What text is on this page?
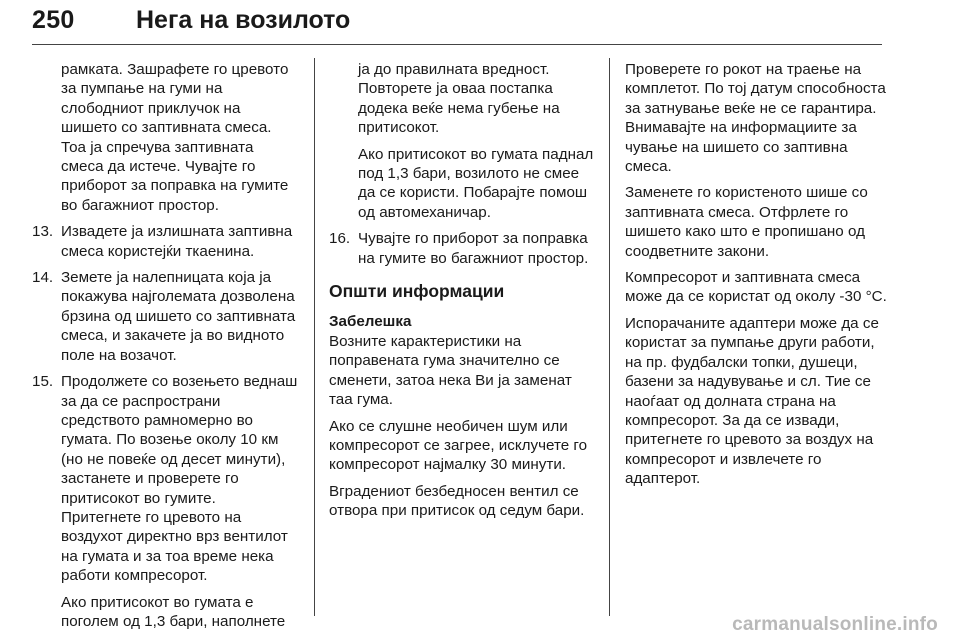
250 Нега на возилото

рамката. Зашрафете го цревото за пумпање на гуми на слободниот приклучок на шишето со заптивната смеса. Тоа ја спречува заптивната смеса да истече. Чувајте го приборот за поправка на гумите во багажниот простор.

13. Извадете ја излишната заптивна смеса користејќи ткаенина.
14. Земете ја налепницата која ја покажува најголемата дозволена брзина од шишето со заптивната смеса, и закачете ја во видното поле на возачот.
15. Продолжете со возењето веднаш за да се распространи средството рамномерно во гумата. По возење околу 10 км (но не повеќе од десет минути), застанете и проверете го притисокот во гумите. Притегнете го цревото на воздухот директно врз вентилот на гумата и за тоа време нека работи компресорот.

Ако притисокот во гумата е поголем од 1,3 бари, наполнете

ја до правилната вредност. Повторете ја оваа постапка додека веќе нема губење на притисокот.

Ако притисокот во гумата паднал под 1,3 бари, возилото не смее да се користи. Побарајте помош од автомеханичар.

16. Чувајте го приборот за поправка на гумите во багажниот простор.
Општи информации

Забелешка

Возните карактеристики на поправената гума значително се сменети, затоа нека Ви ја заменат таа гума.

Ако се слушне необичен шум или компресорот се загрее, исклучете го компресорот најмалку 30 минути.

Вградениот безбедносен вентил се отвора при притисок од седум бари.

Проверете го рокот на траење на комплетот. По тој датум способноста за затнување веќе не се гарантира. Внимавајте на информациите за чување на шишето со заптивна смеса.

Заменете го користеното шише со заптивната смеса. Отфрлете го шишето како што е пропишано од соодветните закони.

Компресорот и заптивната смеса може да се користат од околу -30 °C.

Испорачаните адаптери може да се користат за пумпање други работи, на пр. фудбалски топки, душеци, базени за надувување и сл. Тие се наоѓаат од долната страна на компресорот. За да се извади, притегнете го цревото за воздух на компресорот и извлечете го адаптерот.

carmanualsonline.info
